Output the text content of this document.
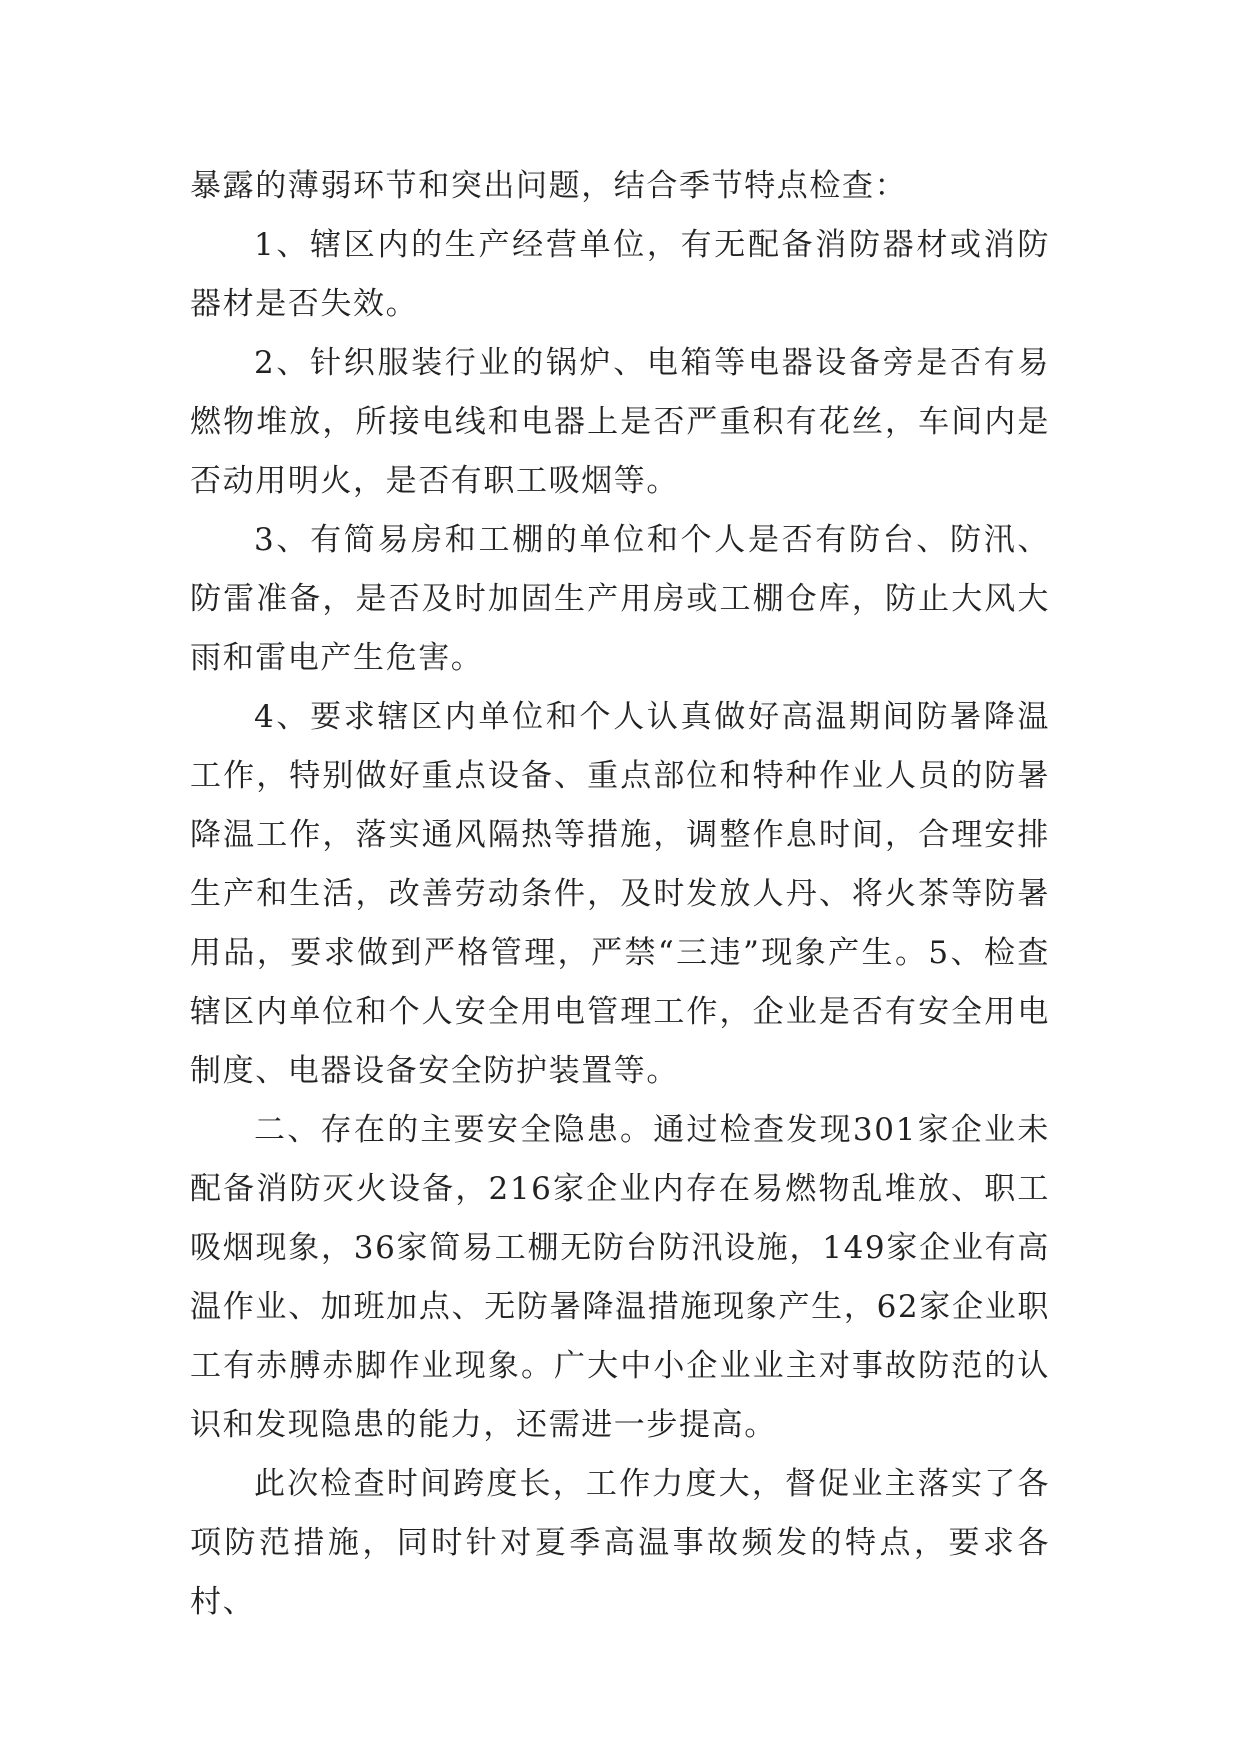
暴露的薄弱环节和突出问题，结合季节特点检查：

1、辖区内的生产经营单位，有无配备消防器材或消防器材是否失效。

2、针织服装行业的锅炉、电箱等电器设备旁是否有易燃物堆放，所接电线和电器上是否严重积有花丝，车间内是否动用明火，是否有职工吸烟等。

3、有简易房和工棚的单位和个人是否有防台、防汛、防雷准备，是否及时加固生产用房或工棚仓库，防止大风大雨和雷电产生危害。

4、要求辖区内单位和个人认真做好高温期间防暑降温工作，特别做好重点设备、重点部位和特种作业人员的防暑降温工作，落实通风隔热等措施，调整作息时间，合理安排生产和生活，改善劳动条件，及时发放人丹、将火茶等防暑用品，要求做到严格管理，严禁“三违”现象产生。5、检查辖区内单位和个人安全用电管理工作，企业是否有安全用电制度、电器设备安全防护装置等。

二、存在的主要安全隐患。通过检查发现301家企业未配备消防灭火设备，216家企业内存在易燃物乱堆放、职工吸烟现象，36家简易工棚无防台防汛设施，149家企业有高温作业、加班加点、无防暑降温措施现象产生，62家企业职工有赤膊赤脚作业现象。广大中小企业业主对事故防范的认识和发现隐患的能力，还需进一步提高。

此次检查时间跨度长，工作力度大，督促业主落实了各项防范措施，同时针对夏季高温事故频发的特点，要求各村、
